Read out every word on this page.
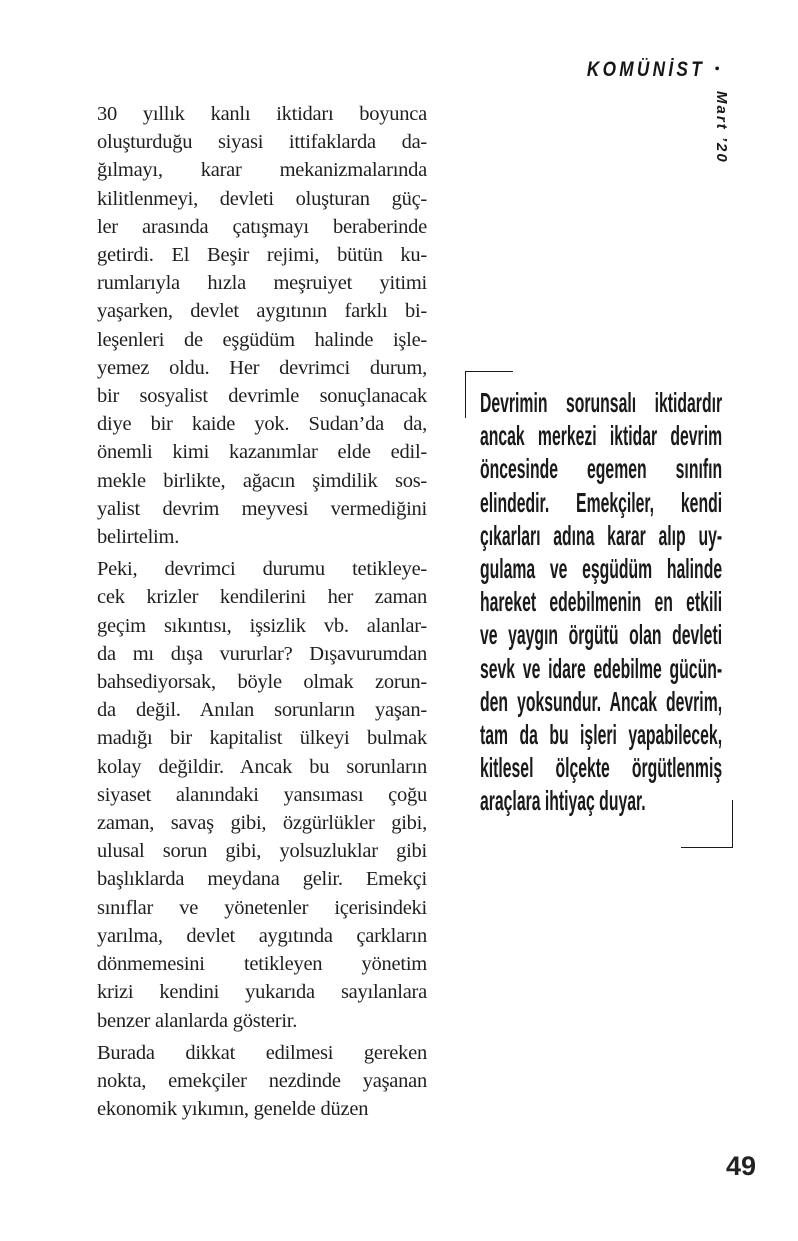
KOMÜNİST •
Mart ’20
30 yıllık kanlı iktidarı boyunca
oluşturduğu siyasi ittifaklarda da-
ğılmayı, karar mekanizmalarında
kilitlenmeyi, devleti oluşturan güç-
ler arasında çatışmayı beraberinde
getirdi. El Beşir rejimi, bütün ku-
rumlarıyla hızla meşruiyet yitimi
yaşarken, devlet aygıtının farklı bi-
leşenleri de eşgüdüm halinde işle-
yemez oldu. Her devrimci durum,
bir sosyalist devrimle sonuçlanacak
diye bir kaide yok. Sudan’da da,
önemli kimi kazanımlar elde edil-
mekle birlikte, ağacın şimdilik sos-
yalist devrim meyvesi vermediğini
belirtelim.
Peki, devrimci durumu tetikleye-
cek krizler kendilerini her zaman
geçim sıkıntısı, işsizlik vb. alanlar-
da mı dışa vururlar? Dışavurumdan
bahsediyorsak, böyle olmak zorun-
da değil. Anılan sorunların yaşan-
madığı bir kapitalist ülkeyi bulmak
kolay değildir. Ancak bu sorunların
siyaset alanındaki yansıması çoğu
zaman, savaş gibi, özgürlükler gibi,
ulusal sorun gibi, yolsuzluklar gibi
başlıklarda meydana gelir. Emekçi
sınıflar ve yönetenler içerisindeki
yarılma, devlet aygıtında çarkların
dönmemesini tetikleyen yönetim
krizi kendini yukarıda sayılanlara
benzer alanlarda gösterir.
Burada dikkat edilmesi gereken
nokta, emekçiler nezdinde yaşanan
ekonomik yıkımın, genelde düzen
Devrimin sorunsalı iktidardır
ancak merkezi iktidar devrim
öncesinde egemen sınıfın
elindedir. Emekçiler, kendi
çıkarları adına karar alıp uy-
gulama ve eşgüdüm halinde
hareket edebilmenin en etkili
ve yaygın örgütü olan devleti
sevk ve idare edebilme gücün-
den yoksundur. Ancak devrim,
tam da bu işleri yapabilecek,
kitlesel ölçekte örgütlenmiş
araçlara ihtiyaç duyar.
49
